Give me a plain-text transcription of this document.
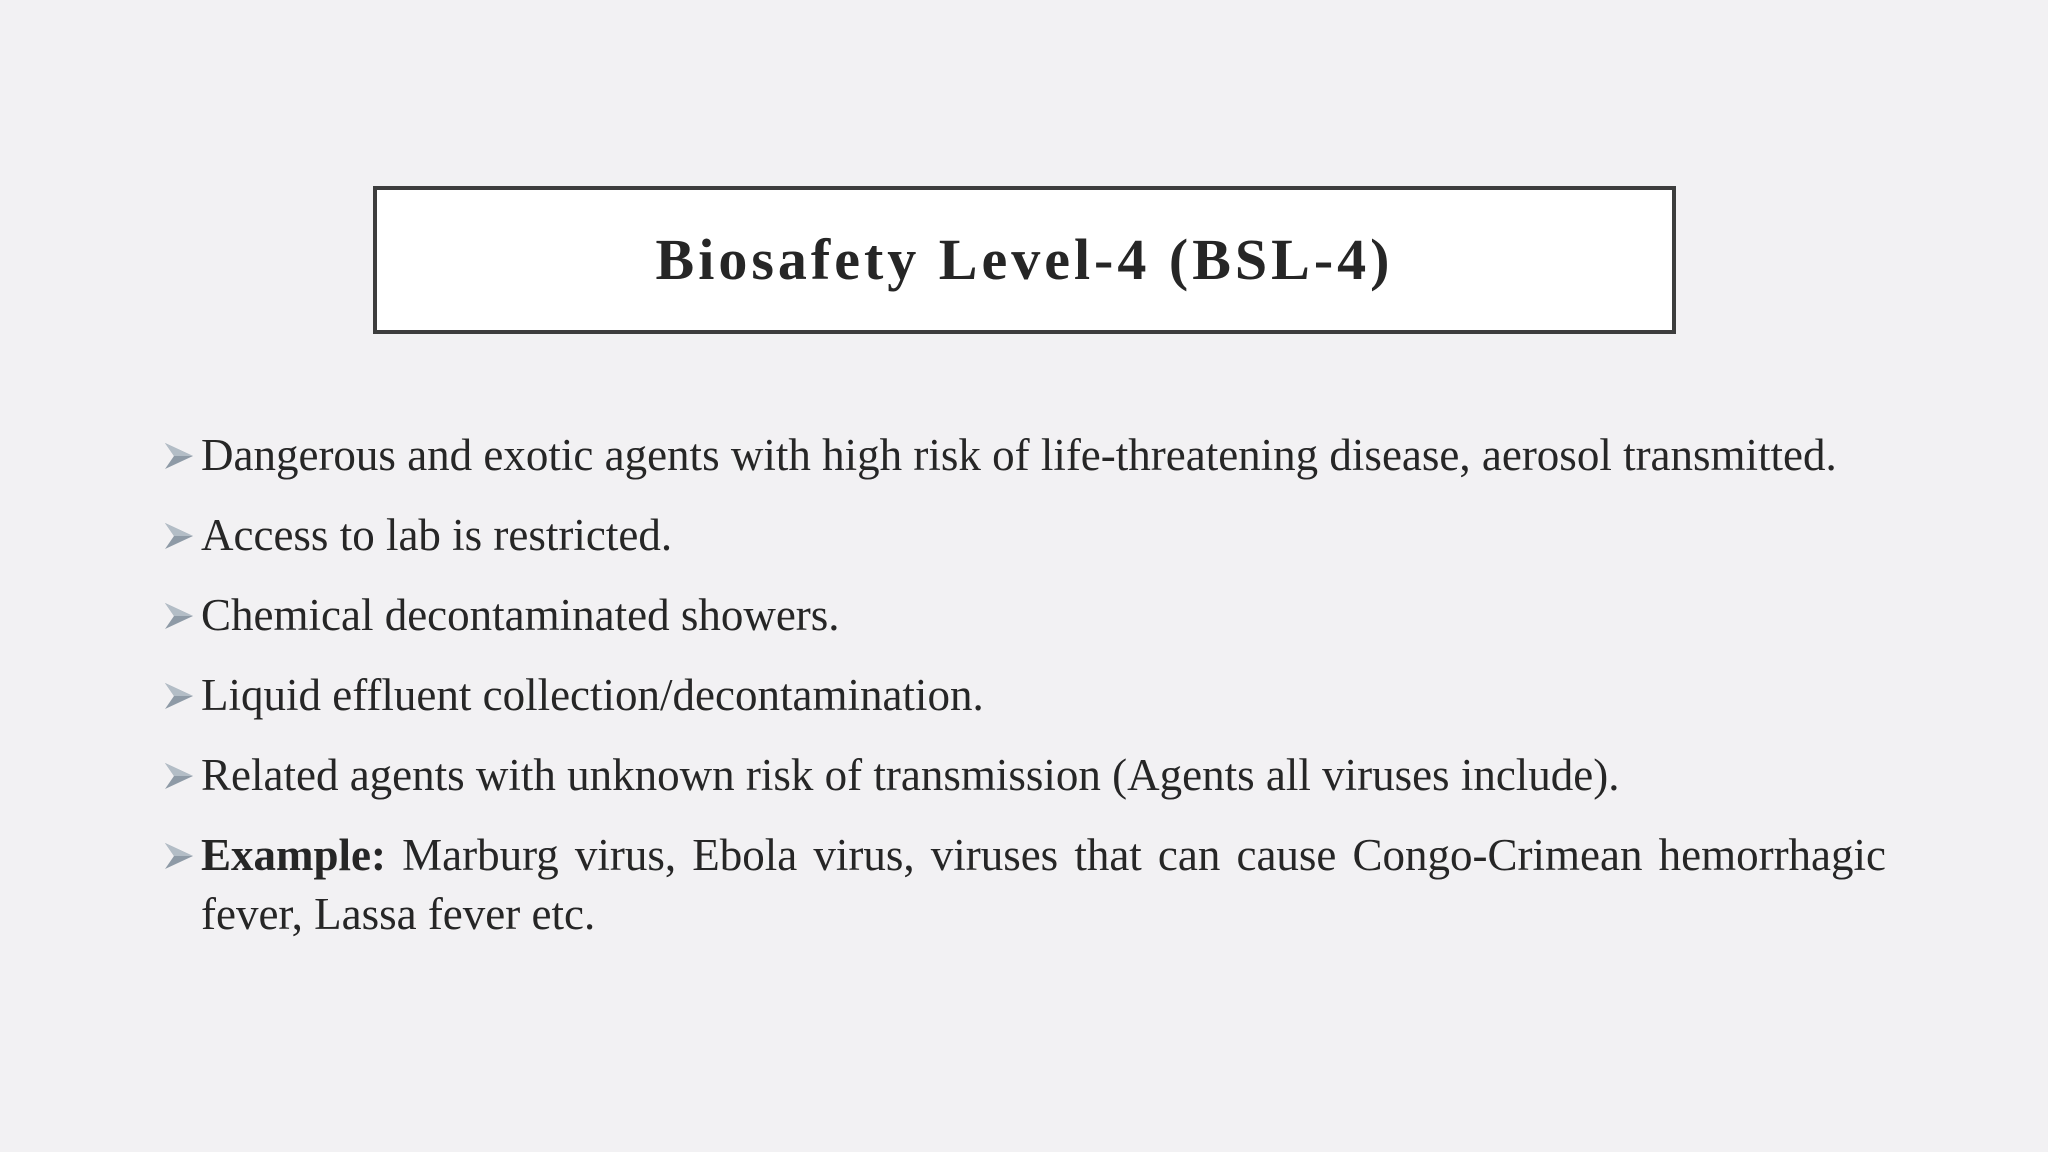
Biosafety Level-4 (BSL-4)
Dangerous and exotic agents with high risk of life-threatening disease, aerosol transmitted.
Access to lab is restricted.
Chemical decontaminated showers.
Liquid effluent collection/decontamination.
Related agents with unknown risk of transmission (Agents all viruses include).
Example: Marburg virus, Ebola virus, viruses that can cause Congo-Crimean hemorrhagic fever, Lassa fever etc.
